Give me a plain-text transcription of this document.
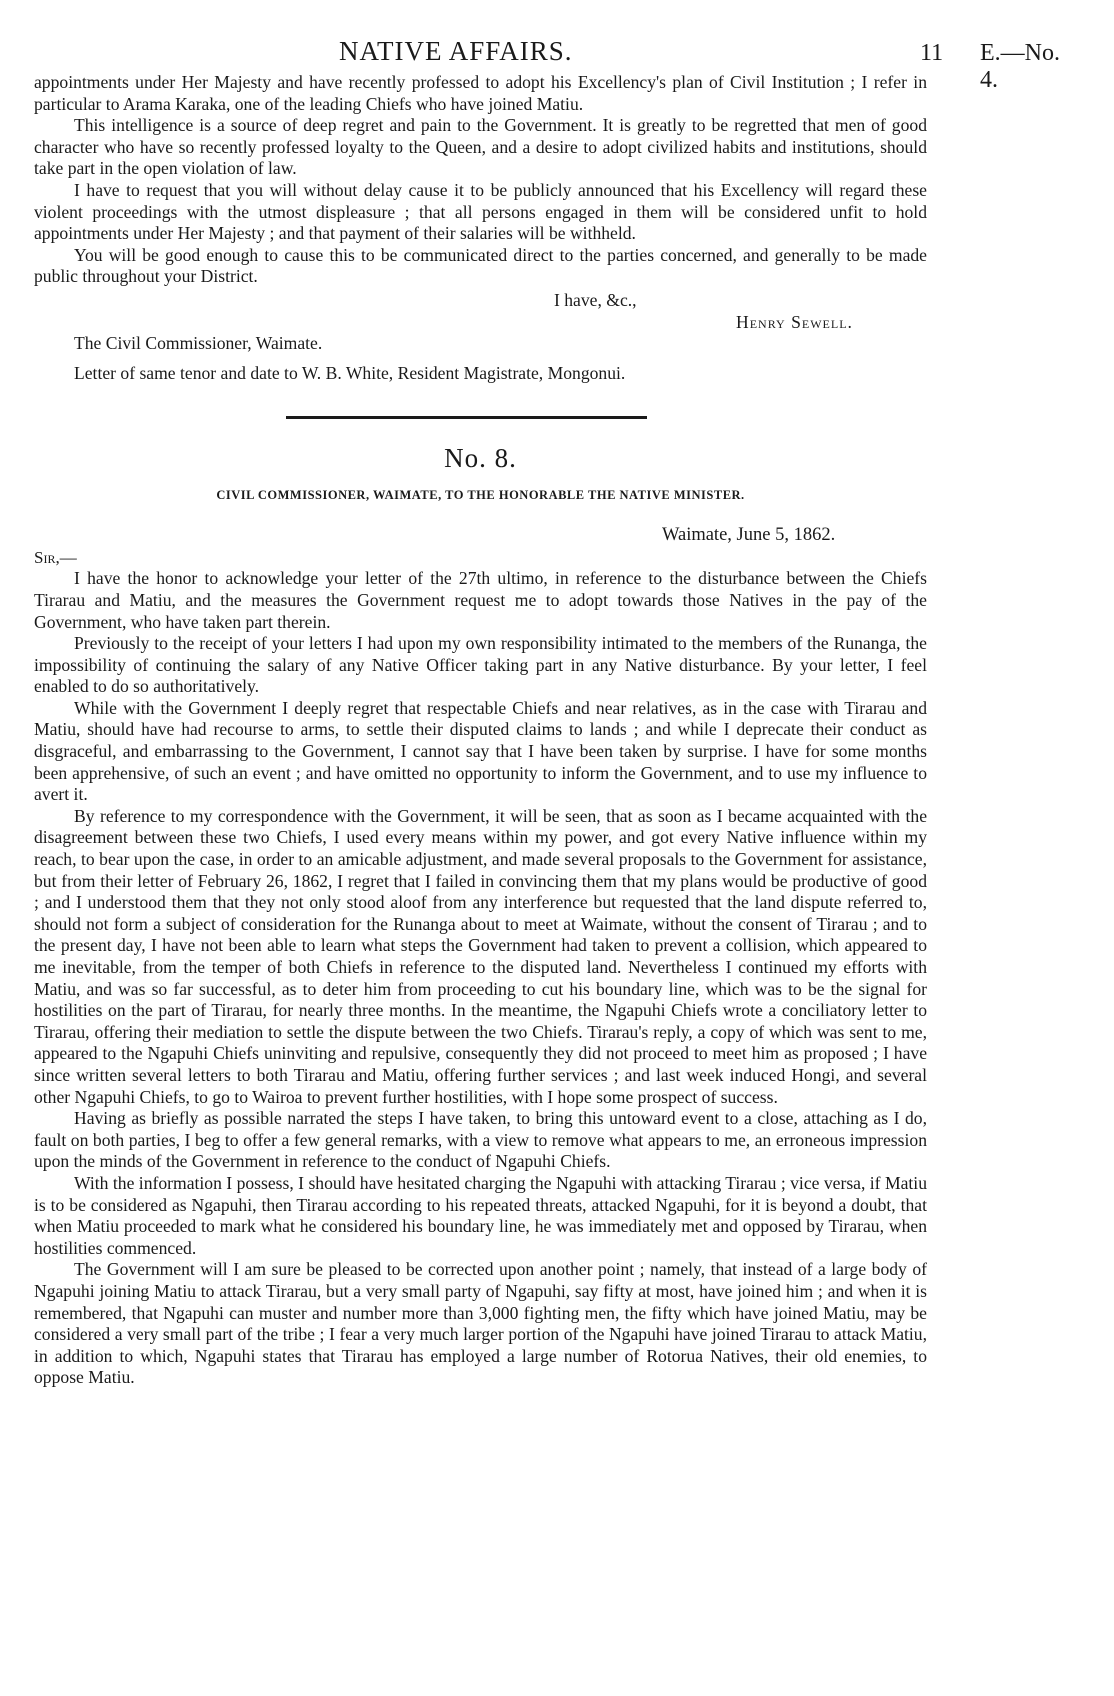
NATIVE AFFAIRS.	11 E.—No. 4.

appointments under Her Majesty and have recently professed to adopt his Excellency's plan of Civil Institution ; I refer in particular to Arama Karaka, one of the leading Chiefs who have joined Matiu.

This intelligence is a source of deep regret and pain to the Government. It is greatly to be regretted that men of good character who have so recently professed loyalty to the Queen, and a desire to adopt civilized habits and institutions, should take part in the open violation of law.

I have to request that you will without delay cause it to be publicly announced that his Excellency will regard these violent proceedings with the utmost displeasure ; that all persons engaged in them will be considered unfit to hold appointments under Her Majesty ; and that payment of their salaries will be withheld.

You will be good enough to cause this to be communicated direct to the parties concerned, and generally to be made public throughout your District.

I have, &c.,
Henry Sewell.
The Civil Commissioner, Waimate.
Letter of same tenor and date to W. B. White, Resident Magistrate, Mongonui.
No. 8.
CIVIL COMMISSIONER, WAIMATE, TO THE HONORABLE THE NATIVE MINISTER.
Waimate, June 5, 1862.
Sir,—

I have the honor to acknowledge your letter of the 27th ultimo, in reference to the disturbance between the Chiefs Tirarau and Matiu, and the measures the Government request me to adopt towards those Natives in the pay of the Government, who have taken part therein.

Previously to the receipt of your letters I had upon my own responsibility intimated to the members of the Runanga, the impossibility of continuing the salary of any Native Officer taking part in any Native disturbance. By your letter, I feel enabled to do so authoritatively.

While with the Government I deeply regret that respectable Chiefs and near relatives, as in the case with Tirarau and Matiu, should have had recourse to arms, to settle their disputed claims to lands ; and while I deprecate their conduct as disgraceful, and embarrassing to the Government, I cannot say that I have been taken by surprise. I have for some months been apprehensive, of such an event ; and have omitted no opportunity to inform the Government, and to use my influence to avert it.

By reference to my correspondence with the Government, it will be seen, that as soon as I became acquainted with the disagreement between these two Chiefs, I used every means within my power, and got every Native influence within my reach, to bear upon the case, in order to an amicable adjustment, and made several proposals to the Government for assistance, but from their letter of February 26, 1862, I regret that I failed in convincing them that my plans would be productive of good ; and I understood them that they not only stood aloof from any interference but requested that the land dispute referred to, should not form a subject of consideration for the Runanga about to meet at Waimate, without the consent of Tirarau ; and to the present day, I have not been able to learn what steps the Government had taken to prevent a collision, which appeared to me inevitable, from the temper of both Chiefs in reference to the disputed land. Nevertheless I continued my efforts with Matiu, and was so far successful, as to deter him from proceeding to cut his boundary line, which was to be the signal for hostilities on the part of Tirarau, for nearly three months. In the meantime, the Ngapuhi Chiefs wrote a conciliatory letter to Tirarau, offering their mediation to settle the dispute between the two Chiefs. Tirarau's reply, a copy of which was sent to me, appeared to the Ngapuhi Chiefs uninviting and repulsive, consequently they did not proceed to meet him as proposed ; I have since written several letters to both Tirarau and Matiu, offering further services ; and last week induced Hongi, and several other Ngapuhi Chiefs, to go to Wairoa to prevent further hostilities, with I hope some prospect of success.

Having as briefly as possible narrated the steps I have taken, to bring this untoward event to a close, attaching as I do, fault on both parties, I beg to offer a few general remarks, with a view to remove what appears to me, an erroneous impression upon the minds of the Government in reference to the conduct of Ngapuhi Chiefs.

With the information I possess, I should have hesitated charging the Ngapuhi with attacking Tirarau ; vice versa, if Matiu is to be considered as Ngapuhi, then Tirarau according to his repeated threats, attacked Ngapuhi, for it is beyond a doubt, that when Matiu proceeded to mark what he considered his boundary line, he was immediately met and opposed by Tirarau, when hostilities commenced.

The Government will I am sure be pleased to be corrected upon another point ; namely, that instead of a large body of Ngapuhi joining Matiu to attack Tirarau, but a very small party of Ngapuhi, say fifty at most, have joined him ; and when it is remembered, that Ngapuhi can muster and number more than 3,000 fighting men, the fifty which have joined Matiu, may be considered a very small part of the tribe ; I fear a very much larger portion of the Ngapuhi have joined Tirarau to attack Matiu, in addition to which, Ngapuhi states that Tirarau has employed a large number of Rotorua Natives, their old enemies, to oppose Matiu.
